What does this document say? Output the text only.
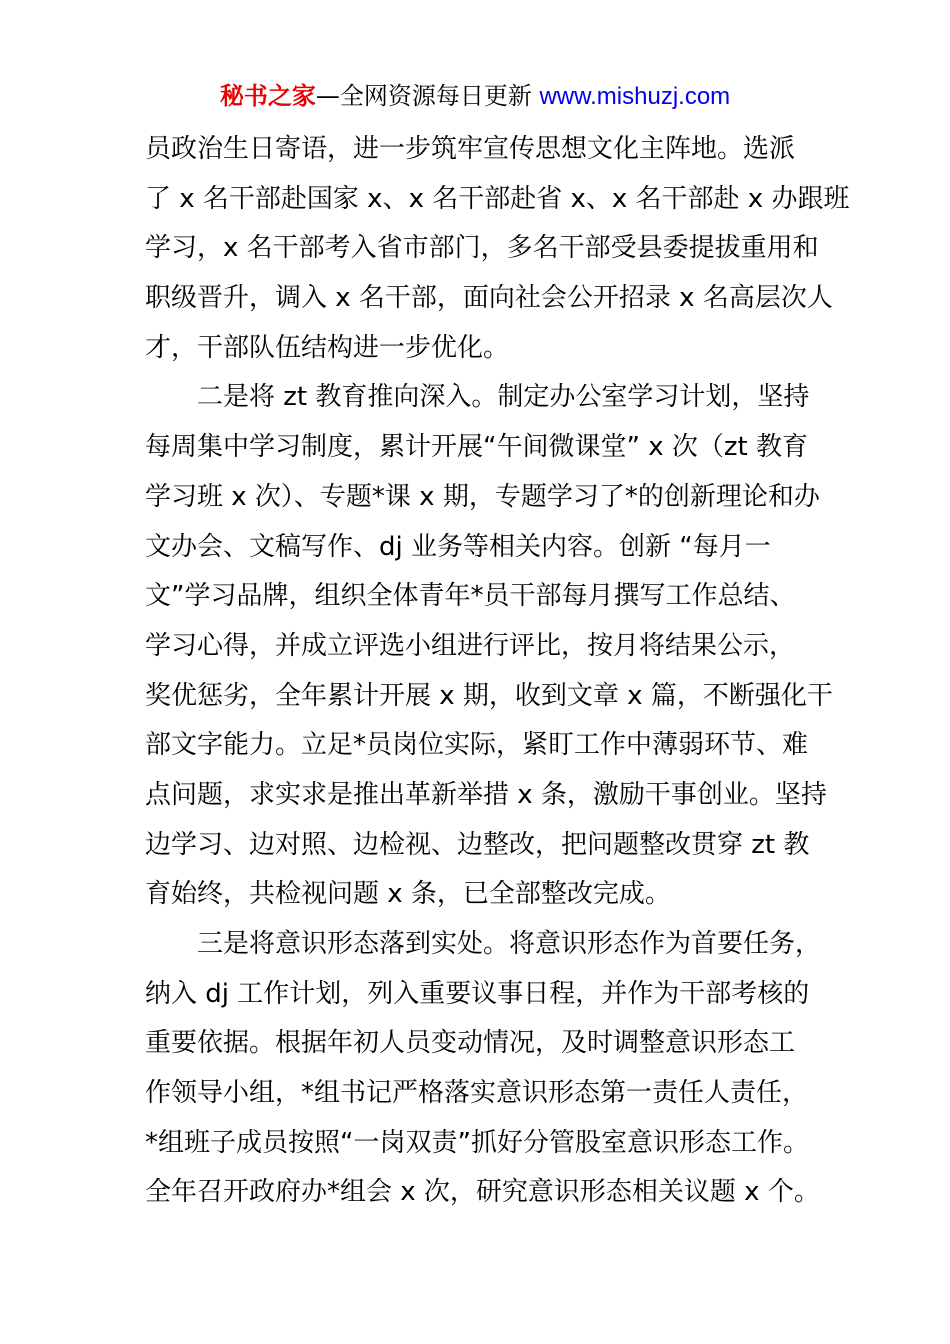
秘书之家—全网资源每日更新 www.mishuzj.com
员政治生日寄语，进一步筑牢宣传思想文化主阵地。选派
了 x 名干部赴国家 x、x 名干部赴省 x、x 名干部赴 x 办跟班
学习，x 名干部考入省市部门，多名干部受县委提拔重用和
职级晋升，调入 x 名干部，面向社会公开招录 x 名高层次人
才，干部队伍结构进一步优化。
二是将 zt 教育推向深入。制定办公室学习计划，坚持
每周集中学习制度，累计开展“午间微课堂” x 次（zt 教育
学习班 x 次）、专题*课 x 期，专题学习了*的创新理论和办
文办会、文稿写作、dj 业务等相关内容。创新 “每月一
文”学习品牌，组织全体青年*员干部每月撰写工作总结、
学习心得，并成立评选小组进行评比，按月将结果公示，
奖优惩劣，全年累计开展 x 期，收到文章 x 篇，不断强化干
部文字能力。立足*员岗位实际，紧盯工作中薄弱环节、难
点问题，求实求是推出革新举措 x 条，激励干事创业。坚持
边学习、边对照、边检视、边整改，把问题整改贯穿 zt 教
育始终，共检视问题 x 条，已全部整改完成。
三是将意识形态落到实处。将意识形态作为首要任务，
纳入 dj 工作计划，列入重要议事日程，并作为干部考核的
重要依据。根据年初人员变动情况，及时调整意识形态工
作领导小组，*组书记严格落实意识形态第一责任人责任，
*组班子成员按照“一岗双责”抓好分管股室意识形态工作。
全年召开政府办*组会 x 次，研究意识形态相关议题 x 个。
